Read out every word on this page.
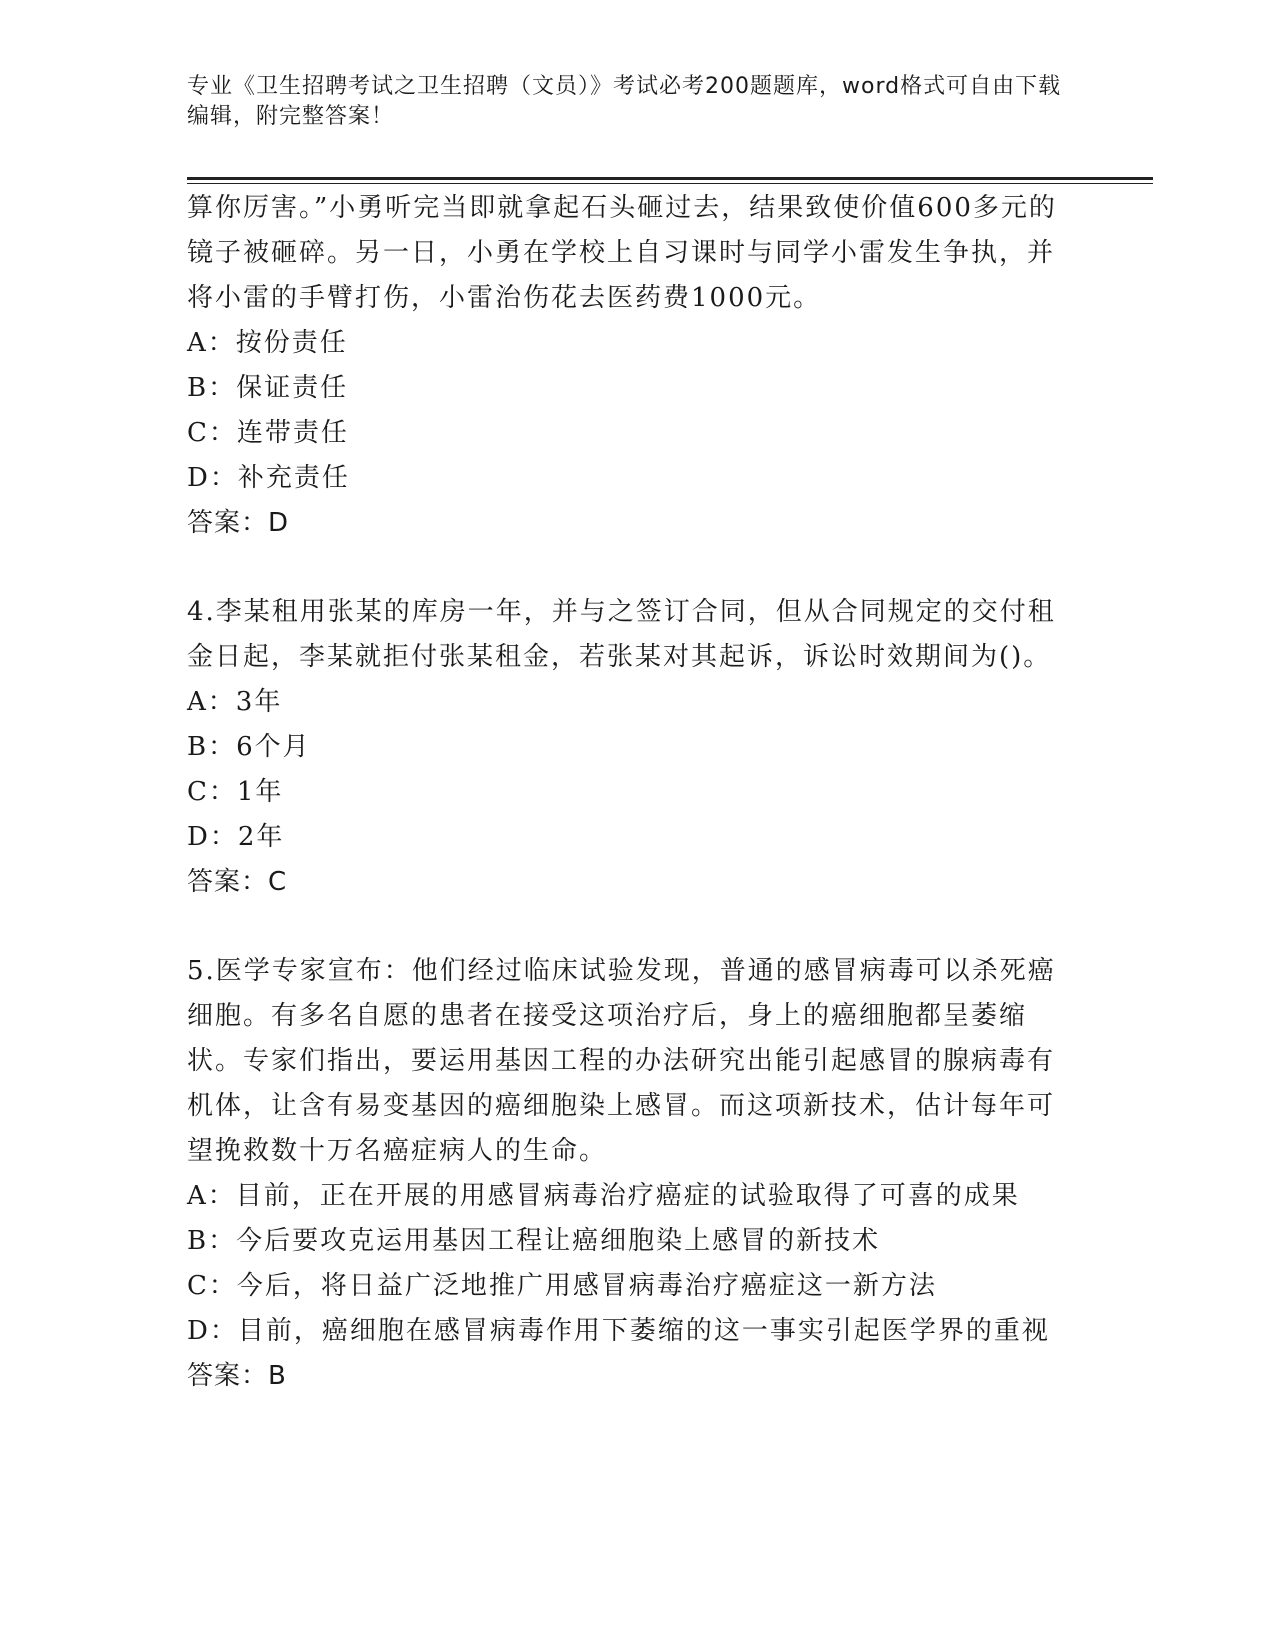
专业《卫生招聘考试之卫生招聘（文员）》考试必考200题题库，word格式可自由下载编辑，附完整答案！

算你厉害。”小勇听完当即就拿起石头砸过去，结果致使价值600多元的镜子被砸碎。另一日，小勇在学校上自习课时与同学小雷发生争执，并将小雷的手臂打伤，小雷治伤花去医药费1000元。

A：按份责任

B：保证责任

C：连带责任

D：补充责任

答案：D

4.李某租用张某的库房一年，并与之签订合同，但从合同规定的交付租金日起，李某就拒付张某租金，若张某对其起诉，诉讼时效期间为()。

A：3年

B：6个月

C：1年

D：2年

答案：C

5.医学专家宣布：他们经过临床试验发现，普通的感冒病毒可以杀死癌细胞。有多名自愿的患者在接受这项治疗后，身上的癌细胞都呈萎缩状。专家们指出，要运用基因工程的办法研究出能引起感冒的腺病毒有机体，让含有易变基因的癌细胞染上感冒。而这项新技术，估计每年可望挽救数十万名癌症病人的生命。

A：目前，正在开展的用感冒病毒治疗癌症的试验取得了可喜的成果

B：今后要攻克运用基因工程让癌细胞染上感冒的新技术

C：今后，将日益广泛地推广用感冒病毒治疗癌症这一新方法

D：目前，癌细胞在感冒病毒作用下萎缩的这一事实引起医学界的重视

答案：B
